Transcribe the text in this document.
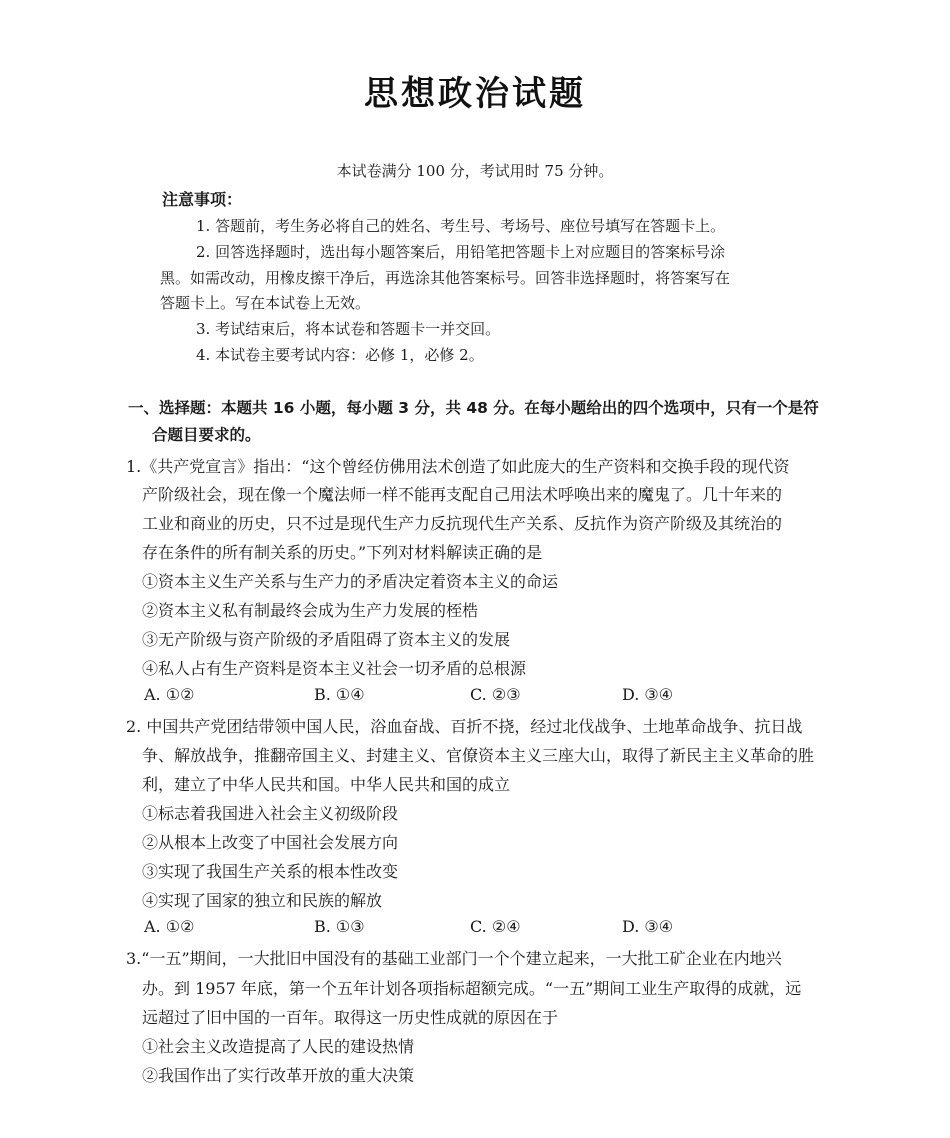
思想政治试题
本试卷满分 100 分，考试用时 75 分钟。
注意事项：
1. 答题前，考生务必将自己的姓名、考生号、考场号、座位号填写在答题卡上。
2. 回答选择题时，选出每小题答案后，用铅笔把答题卡上对应题目的答案标号涂
黑。如需改动，用橡皮擦干净后，再选涂其他答案标号。回答非选择题时，将答案写在
答题卡上。写在本试卷上无效。
3. 考试结束后，将本试卷和答题卡一并交回。
4. 本试卷主要考试内容：必修 1，必修 2。
一、选择题：本题共 16 小题，每小题 3 分，共 48 分。在每小题给出的四个选项中，只有一个是符
合题目要求的。
1.《共产党宣言》指出：“这个曾经仿佛用法术创造了如此庞大的生产资料和交换手段的现代资
产阶级社会，现在像一个魔法师一样不能再支配自己用法术呼唤出来的魔鬼了。几十年来的
工业和商业的历史，只不过是现代生产力反抗现代生产关系、反抗作为资产阶级及其统治的
存在条件的所有制关系的历史。”下列对材料解读正确的是
①资本主义生产关系与生产力的矛盾决定着资本主义的命运
②资本主义私有制最终会成为生产力发展的桎梏
③无产阶级与资产阶级的矛盾阻碍了资本主义的发展
④私人占有生产资料是资本主义社会一切矛盾的总根源
A. ①②	B. ①④	C. ②③	D. ③④
2. 中国共产党团结带领中国人民，浴血奋战、百折不挠，经过北伐战争、土地革命战争、抗日战
争、解放战争，推翻帝国主义、封建主义、官僚资本主义三座大山，取得了新民主主义革命的胜
利，建立了中华人民共和国。中华人民共和国的成立
①标志着我国进入社会主义初级阶段
②从根本上改变了中国社会发展方向
③实现了我国生产关系的根本性改变
④实现了国家的独立和民族的解放
A. ①②	B. ①③	C. ②④	D. ③④
3.“一五”期间，一大批旧中国没有的基础工业部门一个个建立起来，一大批工矿企业在内地兴
办。到 1957 年底，第一个五年计划各项指标超额完成。“一五”期间工业生产取得的成就，远
远超过了旧中国的一百年。取得这一历史性成就的原因在于
①社会主义改造提高了人民的建设热情
②我国作出了实行改革开放的重大决策
